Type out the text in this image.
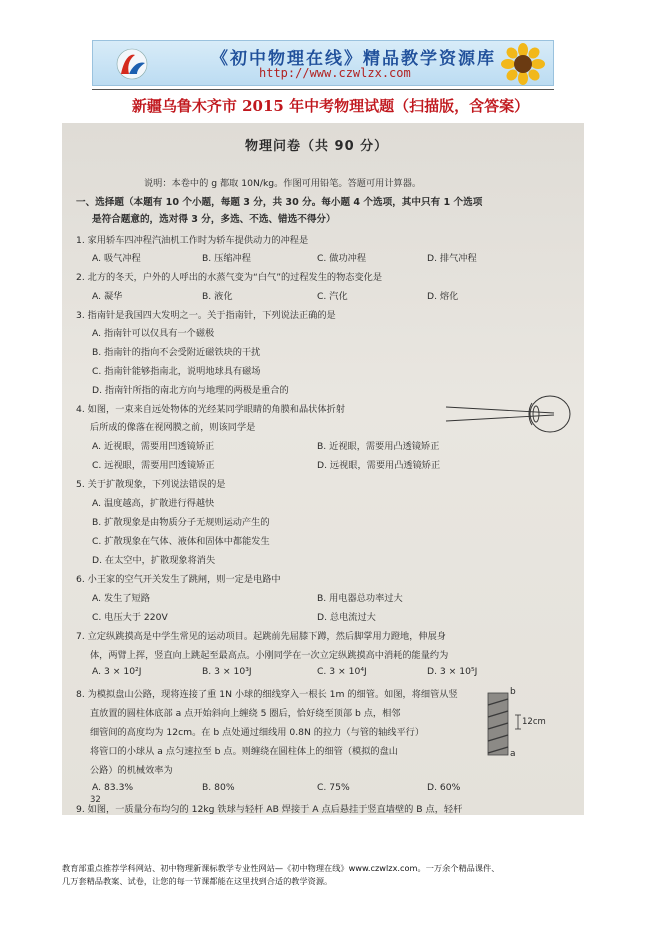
《初中物理在线》精品教学资源库
http://www.czwlzx.com
新疆乌鲁木齐市 2015 年中考物理试题（扫描版，含答案）
物理问卷（共 90 分）
说明：本卷中的 g 都取 10N/kg。作图可用铅笔。答题可用计算器。
一、选择题（本题有 10 个小题，每题 3 分，共 30 分。每小题 4 个选项，其中只有 1 个选项
是符合题意的，选对得 3 分，多选、不选、错选不得分）
1. 家用轿车四冲程汽油机工作时为轿车提供动力的冲程是
A. 吸气冲程	B. 压缩冲程	C. 做功冲程	D. 排气冲程
2. 北方的冬天，户外的人呼出的水蒸气变为“白气”的过程发生的物态变化是
A. 凝华	B. 液化	C. 汽化	D. 熔化
3. 指南针是我国四大发明之一。关于指南针，下列说法正确的是
A. 指南针可以仅具有一个磁极
B. 指南针的指向不会受附近磁铁块的干扰
C. 指南针能够指南北，说明地球具有磁场
D. 指南针所指的南北方向与地理的两极是重合的
4. 如图，一束来自远处物体的光经某同学眼睛的角膜和晶状体折射
后所成的像落在视网膜之前，则该同学是
A. 近视眼，需要用凹透镜矫正	B. 近视眼，需要用凸透镜矫正
C. 远视眼，需要用凹透镜矫正	D. 远视眼，需要用凸透镜矫正
5. 关于扩散现象，下列说法错误的是
A. 温度越高，扩散进行得越快
B. 扩散现象是由物质分子无规则运动产生的
C. 扩散现象在气体、液体和固体中都能发生
D. 在太空中，扩散现象将消失
6. 小王家的空气开关发生了跳闸，则一定是电路中
A. 发生了短路	B. 用电器总功率过大
C. 电压大于 220V	D. 总电流过大
7. 立定纵跳摸高是中学生常见的运动项目。起跳前先屈膝下蹲，然后脚掌用力蹬地，伸展身
体，两臂上挥，竖直向上跳起至最高点。小刚同学在一次立定纵跳摸高中消耗的能量约为
A. 3 × 10²J	B. 3 × 10³J	C. 3 × 10⁴J	D. 3 × 10⁵J
8. 为模拟盘山公路，现将连接了重 1N 小球的细线穿入一根长 1m 的细管。如图，将细管从竖
直放置的圆柱体底部 a 点开始斜向上缠绕 5 圈后，恰好绕至顶部 b 点，相邻
细管间的高度均为 12cm。在 b 点处通过细线用 0.8N 的拉力（与管的轴线平行）
将管口的小球从 a 点匀速拉至 b 点。则缠绕在圆柱体上的细管（模拟的盘山
公路）的机械效率为
b
a
12cm
A. 83.3%	B. 80%	C. 75%	D. 60%
9. 如图，一质量分布均匀的 12kg 铁球与轻杆 AB 焊接于 A 点后悬挂于竖直墙壁的 B 点，轻杆
32
教育部重点推荐学科网站、初中物理新课标教学专业性网站—《初中物理在线》www.czwlzx.com。一万余个精品课件、
几万套精品教案、试卷，让您的每一节课都能在这里找到合适的教学资源。
